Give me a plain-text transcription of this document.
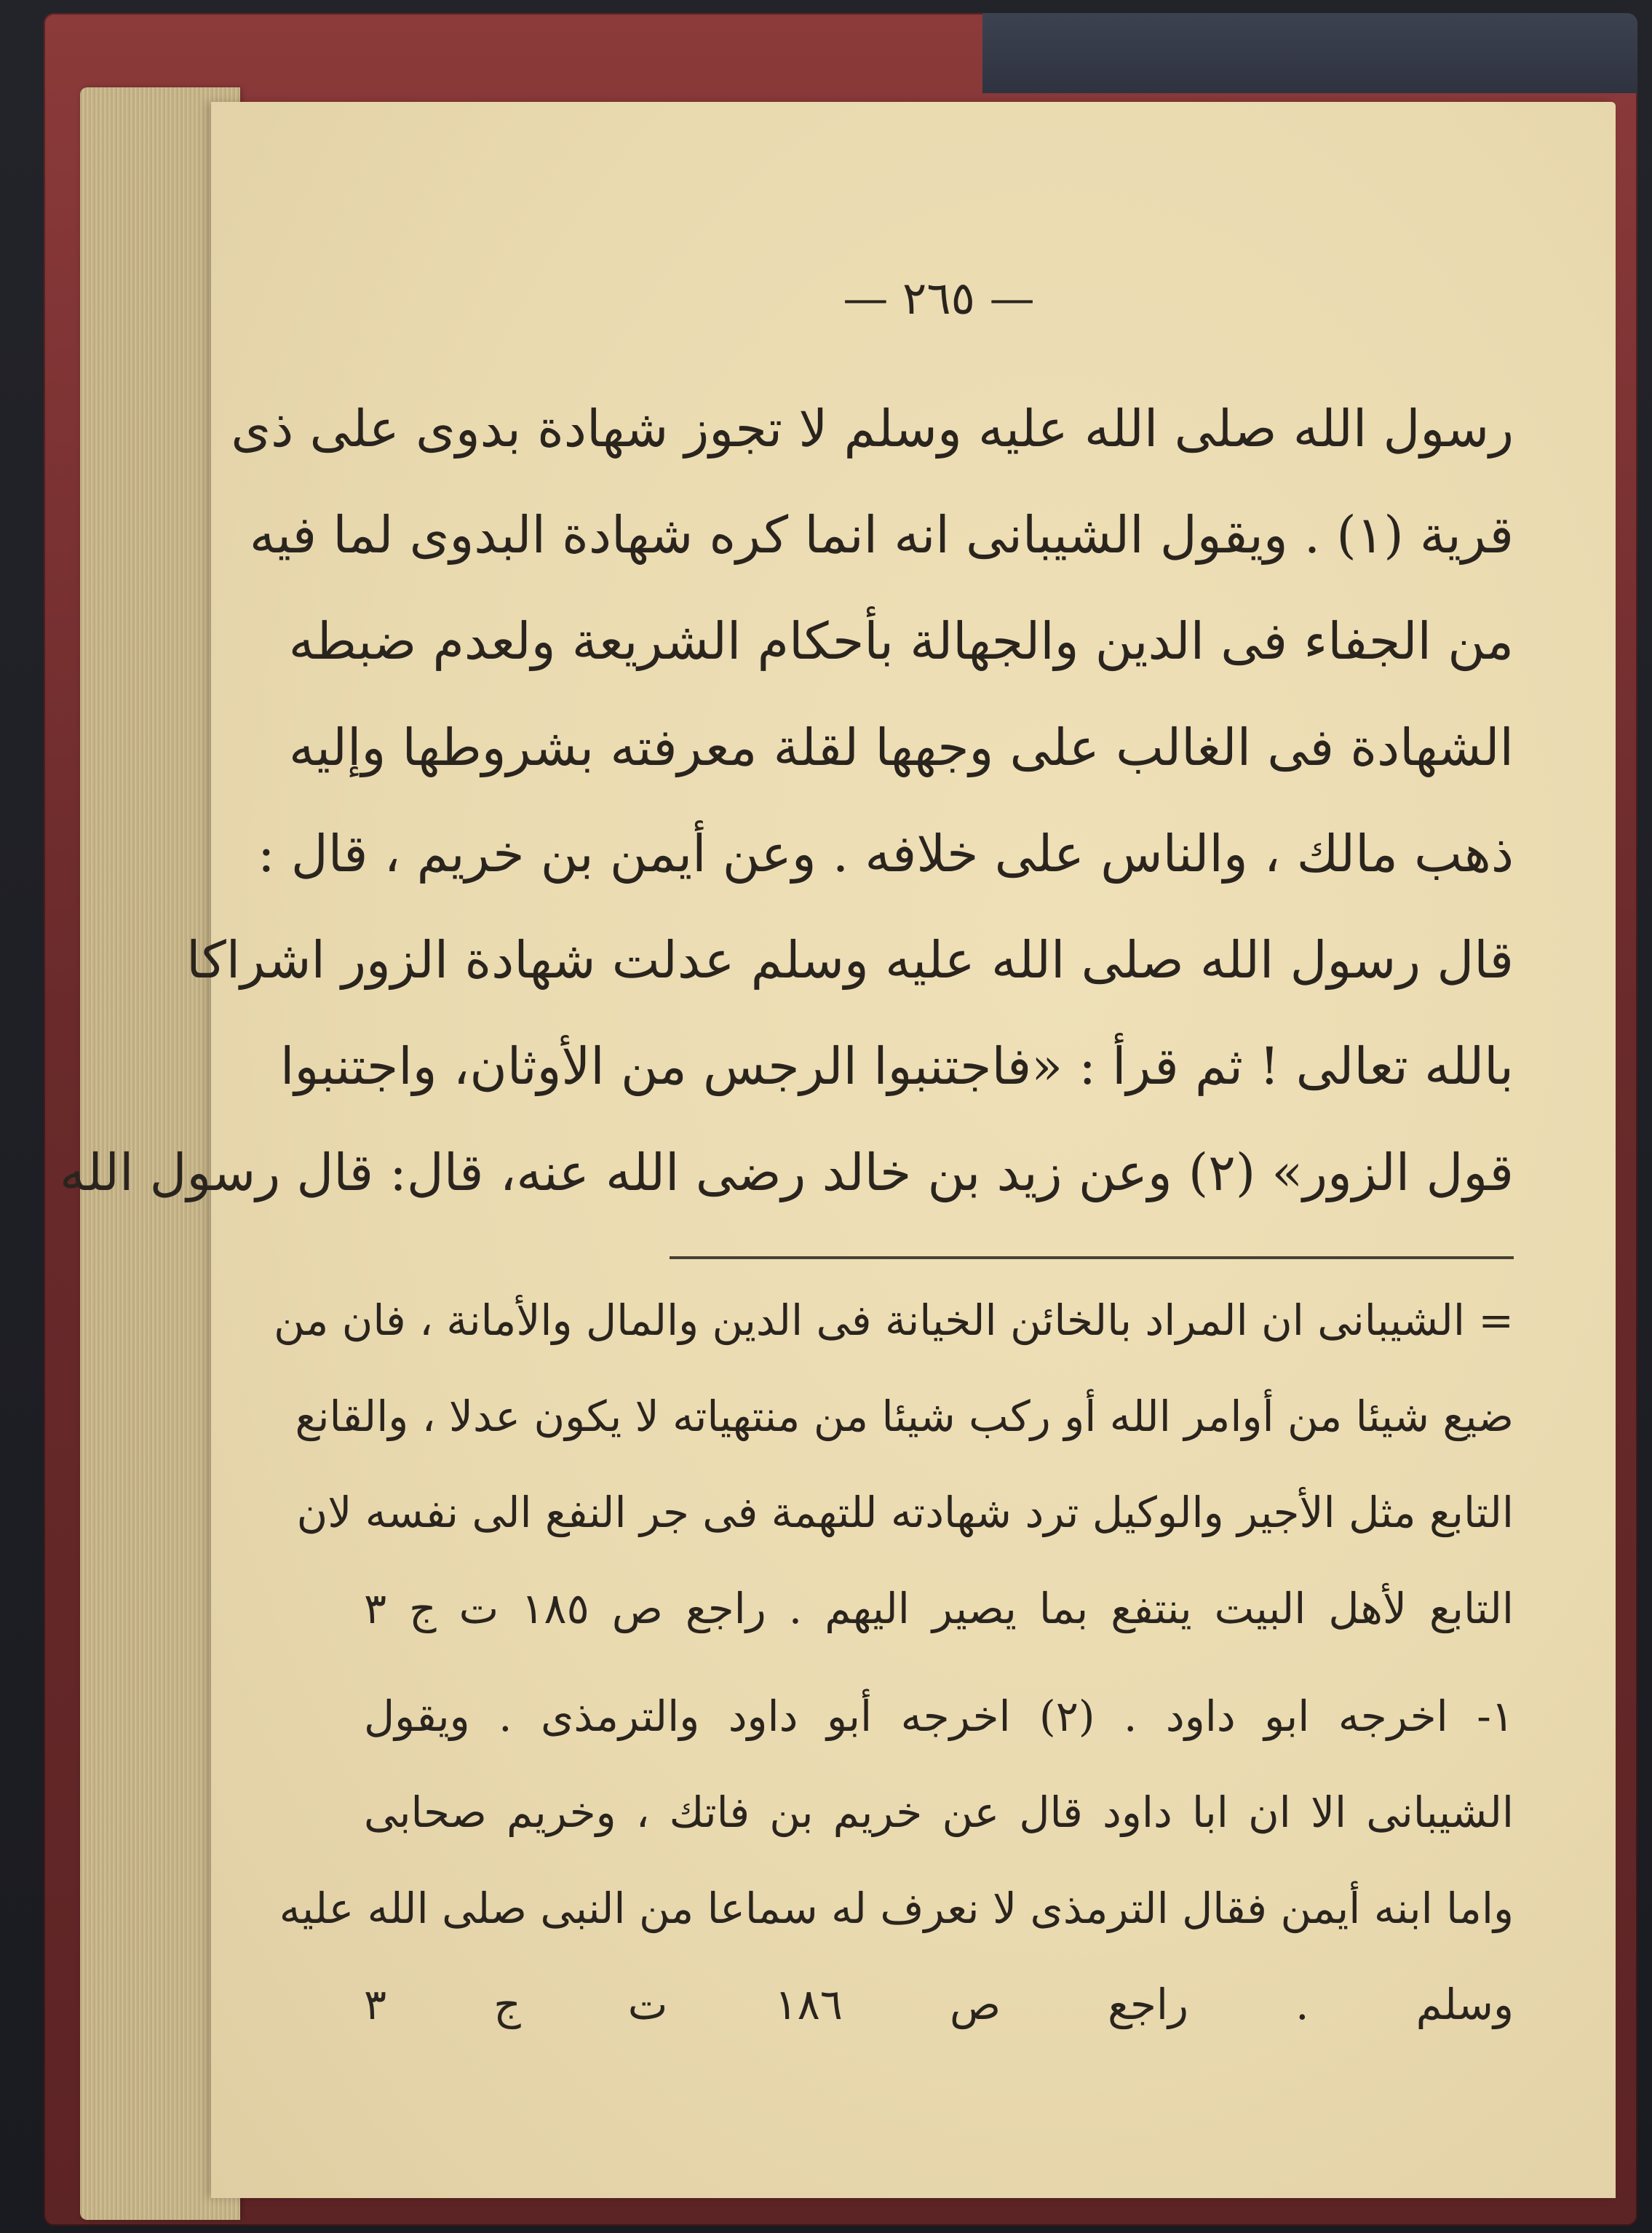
— ٢٦٥ —
رسول الله صلى الله عليه وسلم لا تجوز شهادة بدوى على ذى
قرية (١) . ويقول الشيبانى انه انما كره شهادة البدوى لما فيه
من الجفاء فى الدين والجهالة بأحكام الشريعة ولعدم ضبطه
الشهادة فى الغالب على وجهها لقلة معرفته بشروطها وإليه
ذهب مالك ، والناس على خلافه . وعن أيمن بن خريم ، قال :
قال رسول الله صلى الله عليه وسلم عدلت شهادة الزور اشراكا
بالله تعالى ! ثم قرأ : «فاجتنبوا الرجس من الأوثان، واجتنبوا
قول الزور» (٢) وعن زيد بن خالد رضى الله عنه، قال: قال رسول الله
= الشيبانى ان المراد بالخائن الخيانة فى الدين والمال والأمانة ، فان من
ضيع شيئا من أوامر الله أو ركب شيئا من منتهياته لا يكون عدلا ، والقانع
التابع مثل الأجير والوكيل ترد شهادته للتهمة فى جر النفع الى نفسه لان
التابع لأهل البيت ينتفع بما يصير اليهم . راجع ص ١٨٥ ت ج ٣
١- اخرجه ابو داود . (٢) اخرجه أبو داود والترمذى . ويقول
الشيبانى الا ان ابا داود قال عن خريم بن فاتك ، وخريم صحابى
واما ابنه أيمن فقال الترمذى لا نعرف له سماعا من النبى صلى الله عليه
وسلم . راجع ص ١٨٦ ت ج ٣
